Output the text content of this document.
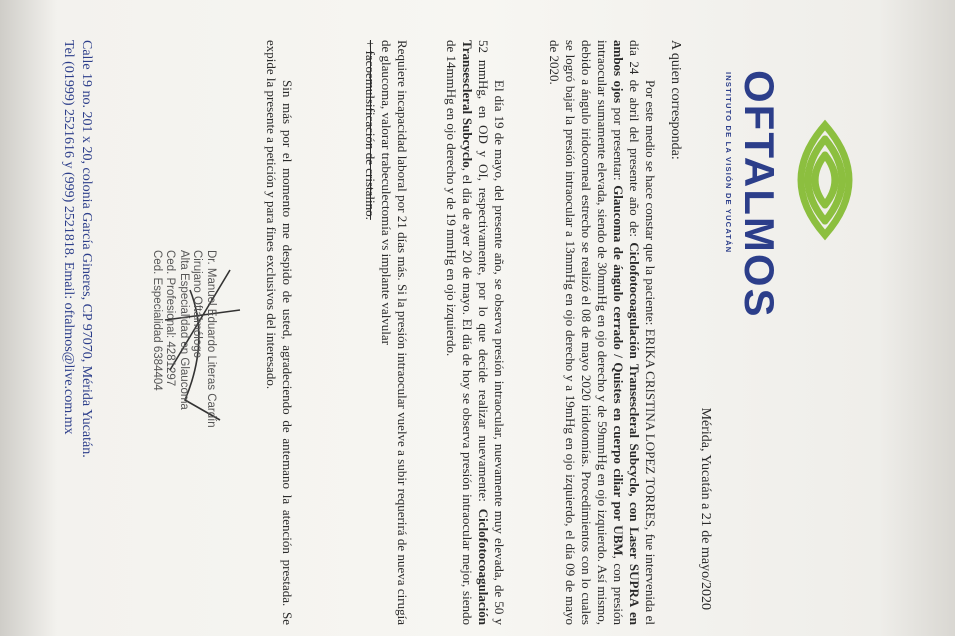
OFTALMOS
INSTITUTO DE LA VISIÓN DE YUCATÁN
Mérida, Yucatán a 21 de mayo/2020
A quien corresponda:
Por este medio se hace constar que la paciente: ERIKA CRISTINA LOPEZ TORRES, fue intervenida el día 24 de abril del presente año de: Ciclofotocoagulación Transescleral Subcyclo, con Laser SUPRA en ambos ojos por presentar: Glaucoma de ángulo cerrado / Quistes en cuerpo ciliar por UBM, con presión intraocular sumamente elevada, siendo de 30mmHg en ojo derecho y de 59mmHg en ojo izquierdo. Así mismo, debido a ángulo iridocorneal estrecho se realizó el 08 de mayo 2020 iridotomías. Procedimientos con lo cuales se logró bajar la presión intraocular a 13mmHg en ojo derecho y a 19mHg en ojo izquierdo, el día 09 de mayo de 2020.
El día 19 de mayo, del presente año, se observa presión intraocular, nuevamente muy elevada, de 50 y 52 mmHg, en OD y OI, respectivamente, por lo que decide realizar nuevamente: Ciclofotocoagulación Transescleral Subcyclo, el día de ayer 20 de mayo. El día de hoy se observa presión intraocular mejor, siendo de 14mmHg en ojo derecho y de 19 mmHg en ojo izquierdo.
Requiere incapacidad laboral por 21 días más. Si la presión intraocular vuelve a subir requerirá de nueva cirugía de glaucoma, valorar trabeculectomía vs implante valvular
+ facoemulsificación de cristalino.
Sin más por el momento me despido de usted, agradeciendo de antemano la atención prestada. Se expide la presente a petición y para fines exclusivos del interesado.
Dr. Manuel Eduardo Literas Cardín
Cirujano Oftalmólogo
Alta Especialidad en Glaucoma
Ced. Profesional: 4281297
Ced. Especialidad 6384404
Calle 19 no. 201 x 20, colonia García Gineres, CP 97070, Mérida Yucatán.
Tel (01999) 2521616 y (999) 2521818. Email: oftalmos@live.com.mx
